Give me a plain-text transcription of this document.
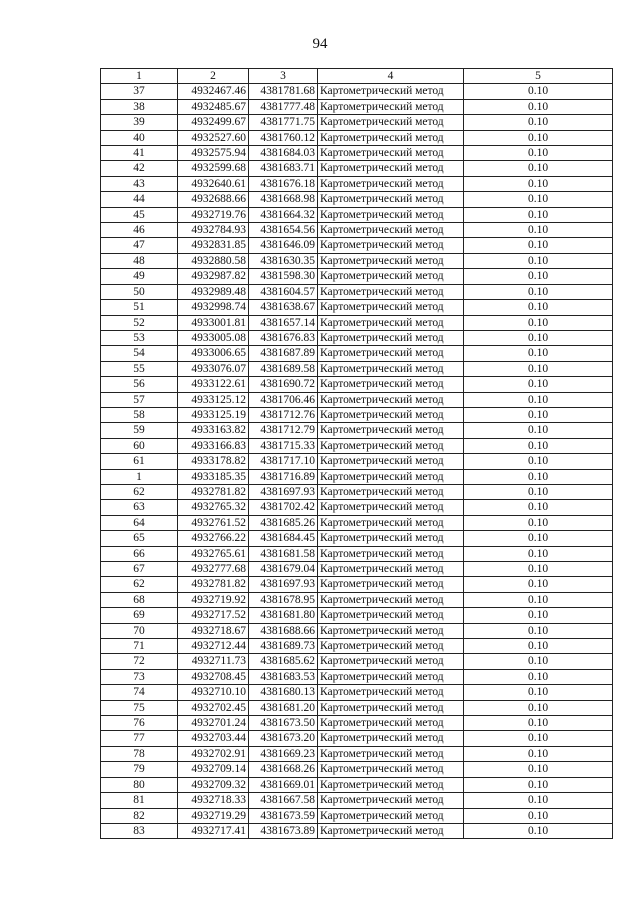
94
1	2	3	4	5
37	4932467.46	4381781.68	Картометрический метод	0.10
38	4932485.67	4381777.48	Картометрический метод	0.10
39	4932499.67	4381771.75	Картометрический метод	0.10
40	4932527.60	4381760.12	Картометрический метод	0.10
41	4932575.94	4381684.03	Картометрический метод	0.10
42	4932599.68	4381683.71	Картометрический метод	0.10
43	4932640.61	4381676.18	Картометрический метод	0.10
44	4932688.66	4381668.98	Картометрический метод	0.10
45	4932719.76	4381664.32	Картометрический метод	0.10
46	4932784.93	4381654.56	Картометрический метод	0.10
47	4932831.85	4381646.09	Картометрический метод	0.10
48	4932880.58	4381630.35	Картометрический метод	0.10
49	4932987.82	4381598.30	Картометрический метод	0.10
50	4932989.48	4381604.57	Картометрический метод	0.10
51	4932998.74	4381638.67	Картометрический метод	0.10
52	4933001.81	4381657.14	Картометрический метод	0.10
53	4933005.08	4381676.83	Картометрический метод	0.10
54	4933006.65	4381687.89	Картометрический метод	0.10
55	4933076.07	4381689.58	Картометрический метод	0.10
56	4933122.61	4381690.72	Картометрический метод	0.10
57	4933125.12	4381706.46	Картометрический метод	0.10
58	4933125.19	4381712.76	Картометрический метод	0.10
59	4933163.82	4381712.79	Картометрический метод	0.10
60	4933166.83	4381715.33	Картометрический метод	0.10
61	4933178.82	4381717.10	Картометрический метод	0.10
1	4933185.35	4381716.89	Картометрический метод	0.10
62	4932781.82	4381697.93	Картометрический метод	0.10
63	4932765.32	4381702.42	Картометрический метод	0.10
64	4932761.52	4381685.26	Картометрический метод	0.10
65	4932766.22	4381684.45	Картометрический метод	0.10
66	4932765.61	4381681.58	Картометрический метод	0.10
67	4932777.68	4381679.04	Картометрический метод	0.10
62	4932781.82	4381697.93	Картометрический метод	0.10
68	4932719.92	4381678.95	Картометрический метод	0.10
69	4932717.52	4381681.80	Картометрический метод	0.10
70	4932718.67	4381688.66	Картометрический метод	0.10
71	4932712.44	4381689.73	Картометрический метод	0.10
72	4932711.73	4381685.62	Картометрический метод	0.10
73	4932708.45	4381683.53	Картометрический метод	0.10
74	4932710.10	4381680.13	Картометрический метод	0.10
75	4932702.45	4381681.20	Картометрический метод	0.10
76	4932701.24	4381673.50	Картометрический метод	0.10
77	4932703.44	4381673.20	Картометрический метод	0.10
78	4932702.91	4381669.23	Картометрический метод	0.10
79	4932709.14	4381668.26	Картометрический метод	0.10
80	4932709.32	4381669.01	Картометрический метод	0.10
81	4932718.33	4381667.58	Картометрический метод	0.10
82	4932719.29	4381673.59	Картометрический метод	0.10
83	4932717.41	4381673.89	Картометрический метод	0.10
